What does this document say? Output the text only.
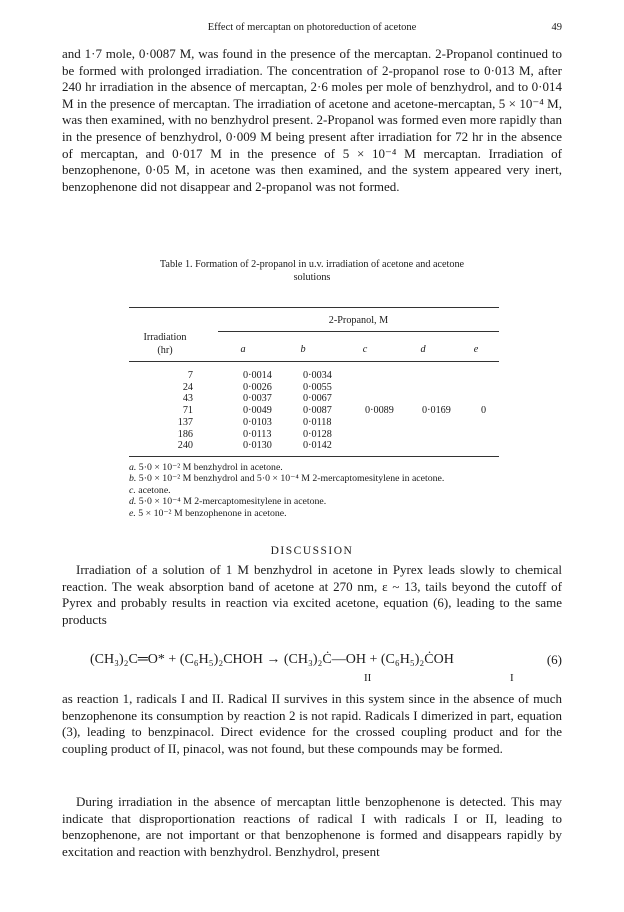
Effect of mercaptan on photoreduction of acetone	49

and 1·7 mole, 0·0087 M, was found in the presence of the mercaptan. 2-Propanol continued to be formed with prolonged irradiation. The concentration of 2-propanol rose to 0·013 M, after 240 hr irradiation in the absence of mercaptan, 2·6 moles per mole of benzhydrol, and to 0·014 M in the presence of mercaptan. The irradiation of acetone and acetone-mercaptan, 5 × 10⁻⁴ M, was then examined, with no benzhydrol present. 2-Propanol was formed even more rapidly than in the presence of benzhydrol, 0·009 M being present after irradiation for 72 hr in the absence of mercaptan, and 0·017 M in the presence of 5 × 10⁻⁴ M mercaptan. Irradiation of benzophenone, 0·05 M, in acetone was then examined, and the system appeared very inert, benzophenone did not disappear and 2-propanol was not formed.

Table 1. Formation of 2-propanol in u.v. irradiation of acetone and acetone
solutions
2-Propanol, M
Irradiation
(hr)	a	b	c	d	e
7	0·0014	0·0034
24	0·0026	0·0055
43	0·0037	0·0067
71	0·0049	0·0087	0·0089	0·0169	0
137	0·0103	0·0118
186	0·0113	0·0128
240	0·0130	0·0142

a. 5·0 × 10⁻² M benzhydrol in acetone.

b. 5·0 × 10⁻² M benzhydrol and 5·0 × 10⁻⁴ M 2-mercaptomesitylene in acetone.

c. acetone.

d. 5·0 × 10⁻⁴ M 2-mercaptomesitylene in acetone.

e. 5 × 10⁻² M benzophenone in acetone.

DISCUSSION

Irradiation of a solution of 1 M benzhydrol in acetone in Pyrex leads slowly to chemical reaction. The weak absorption band of acetone at 270 nm, ε ~ 13, tails beyond the cutoff of Pyrex and probably results in reaction via excited acetone, equation (6), leading to the same products

(CH₃)₂C═O* + (C₆H₅)₂CHOH → (CH₃)₂Ċ—OH + (C₆H₅)₂ĊOH	(6)
II	I

as reaction 1, radicals I and II. Radical II survives in this system since in the absence of much benzophenone its consumption by reaction 2 is not rapid. Radicals I dimerized in part, equation (3), leading to benzpinacol. Direct evidence for the crossed coupling product and for the coupling product of II, pinacol, was not found, but these compounds may be formed.

During irradiation in the absence of mercaptan little benzophenone is detected. This may indicate that disproportionation reactions of radical I with radicals I or II, leading to benzophenone, are not important or that benzophenone is formed and disappears rapidly by excitation and reaction with benzhydrol. Benzhydrol, present
